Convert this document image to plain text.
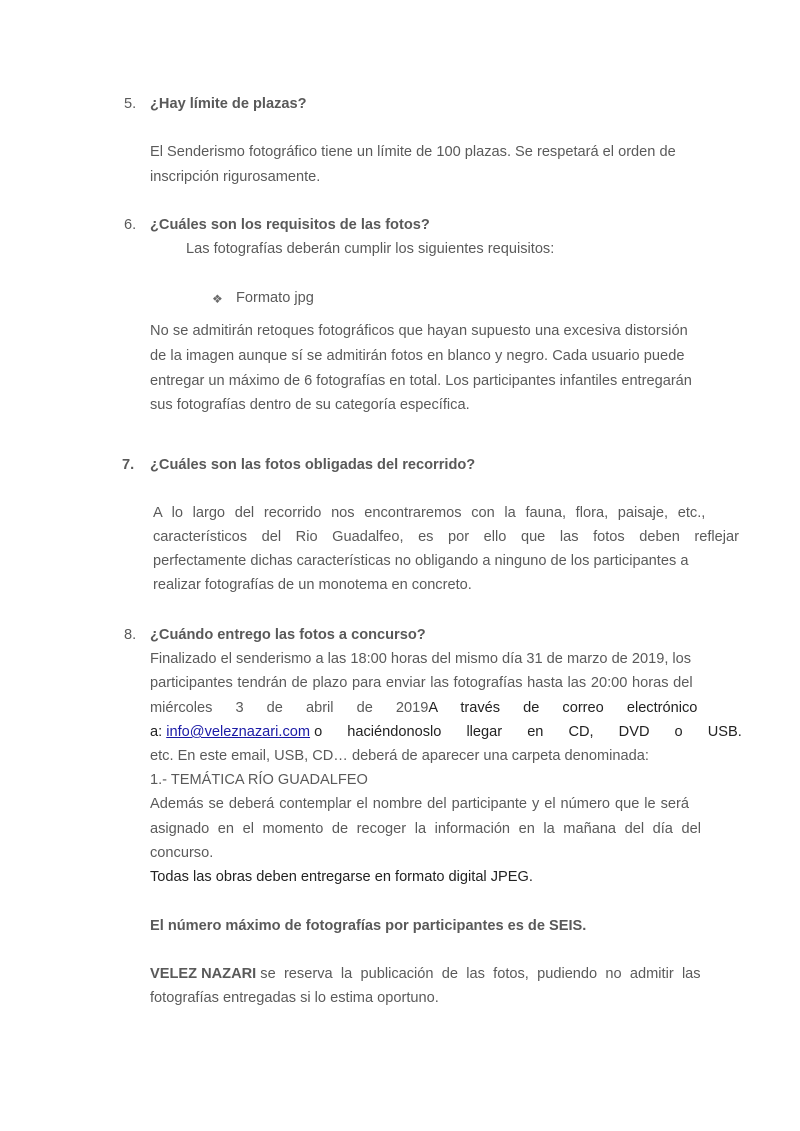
5. ¿Hay límite de plazas?
El Senderismo fotográfico tiene un límite de 100 plazas. Se respetará el orden de
inscripción rigurosamente.
6. ¿Cuáles son los requisitos de las fotos?
Las fotografías deberán cumplir los siguientes requisitos:
❖ Formato jpg
No se admitirán retoques fotográficos que hayan supuesto una excesiva distorsión
de la imagen aunque sí se admitirán fotos en blanco y negro. Cada usuario puede
entregar un máximo de 6 fotografías en total. Los participantes infantiles entregarán
sus fotografías dentro de su categoría específica.
7.	¿Cuáles son las fotos obligadas del recorrido?
A lo largo del recorrido nos encontraremos con la fauna, flora, paisaje, etc.,
característicos del Rio Guadalfeo, es por ello que las fotos deben reflejar
perfectamente dichas características no obligando a ninguno de los participantes a
realizar fotografías de un monotema en concreto.
8. ¿Cuándo entrego las fotos a concurso?
Finalizado el senderismo a las 18:00 horas del mismo día 31 de marzo de 2019, los
participantes tendrán de plazo para enviar las fotografías hasta las 20:00 horas del
miércoles 3 de abril de 2019 A través de correo electrónico
a: info@veleznazari.com o haciéndonoslo llegar en CD, DVD o USB.
etc. En este email, USB, CD… deberá de aparecer una carpeta denominada:
1.- TEMÁTICA RÍO GUADALFEO
Además se deberá contemplar el nombre del participante y el número que le será
asignado en el momento de recoger la información en la mañana del día del
concurso.
Todas las obras deben entregarse en formato digital JPEG.
El número máximo de fotografías por participantes es de SEIS.
VELEZ NAZARI se reserva la publicación de las fotos, pudiendo no admitir las
fotografías entregadas si lo estima oportuno.
